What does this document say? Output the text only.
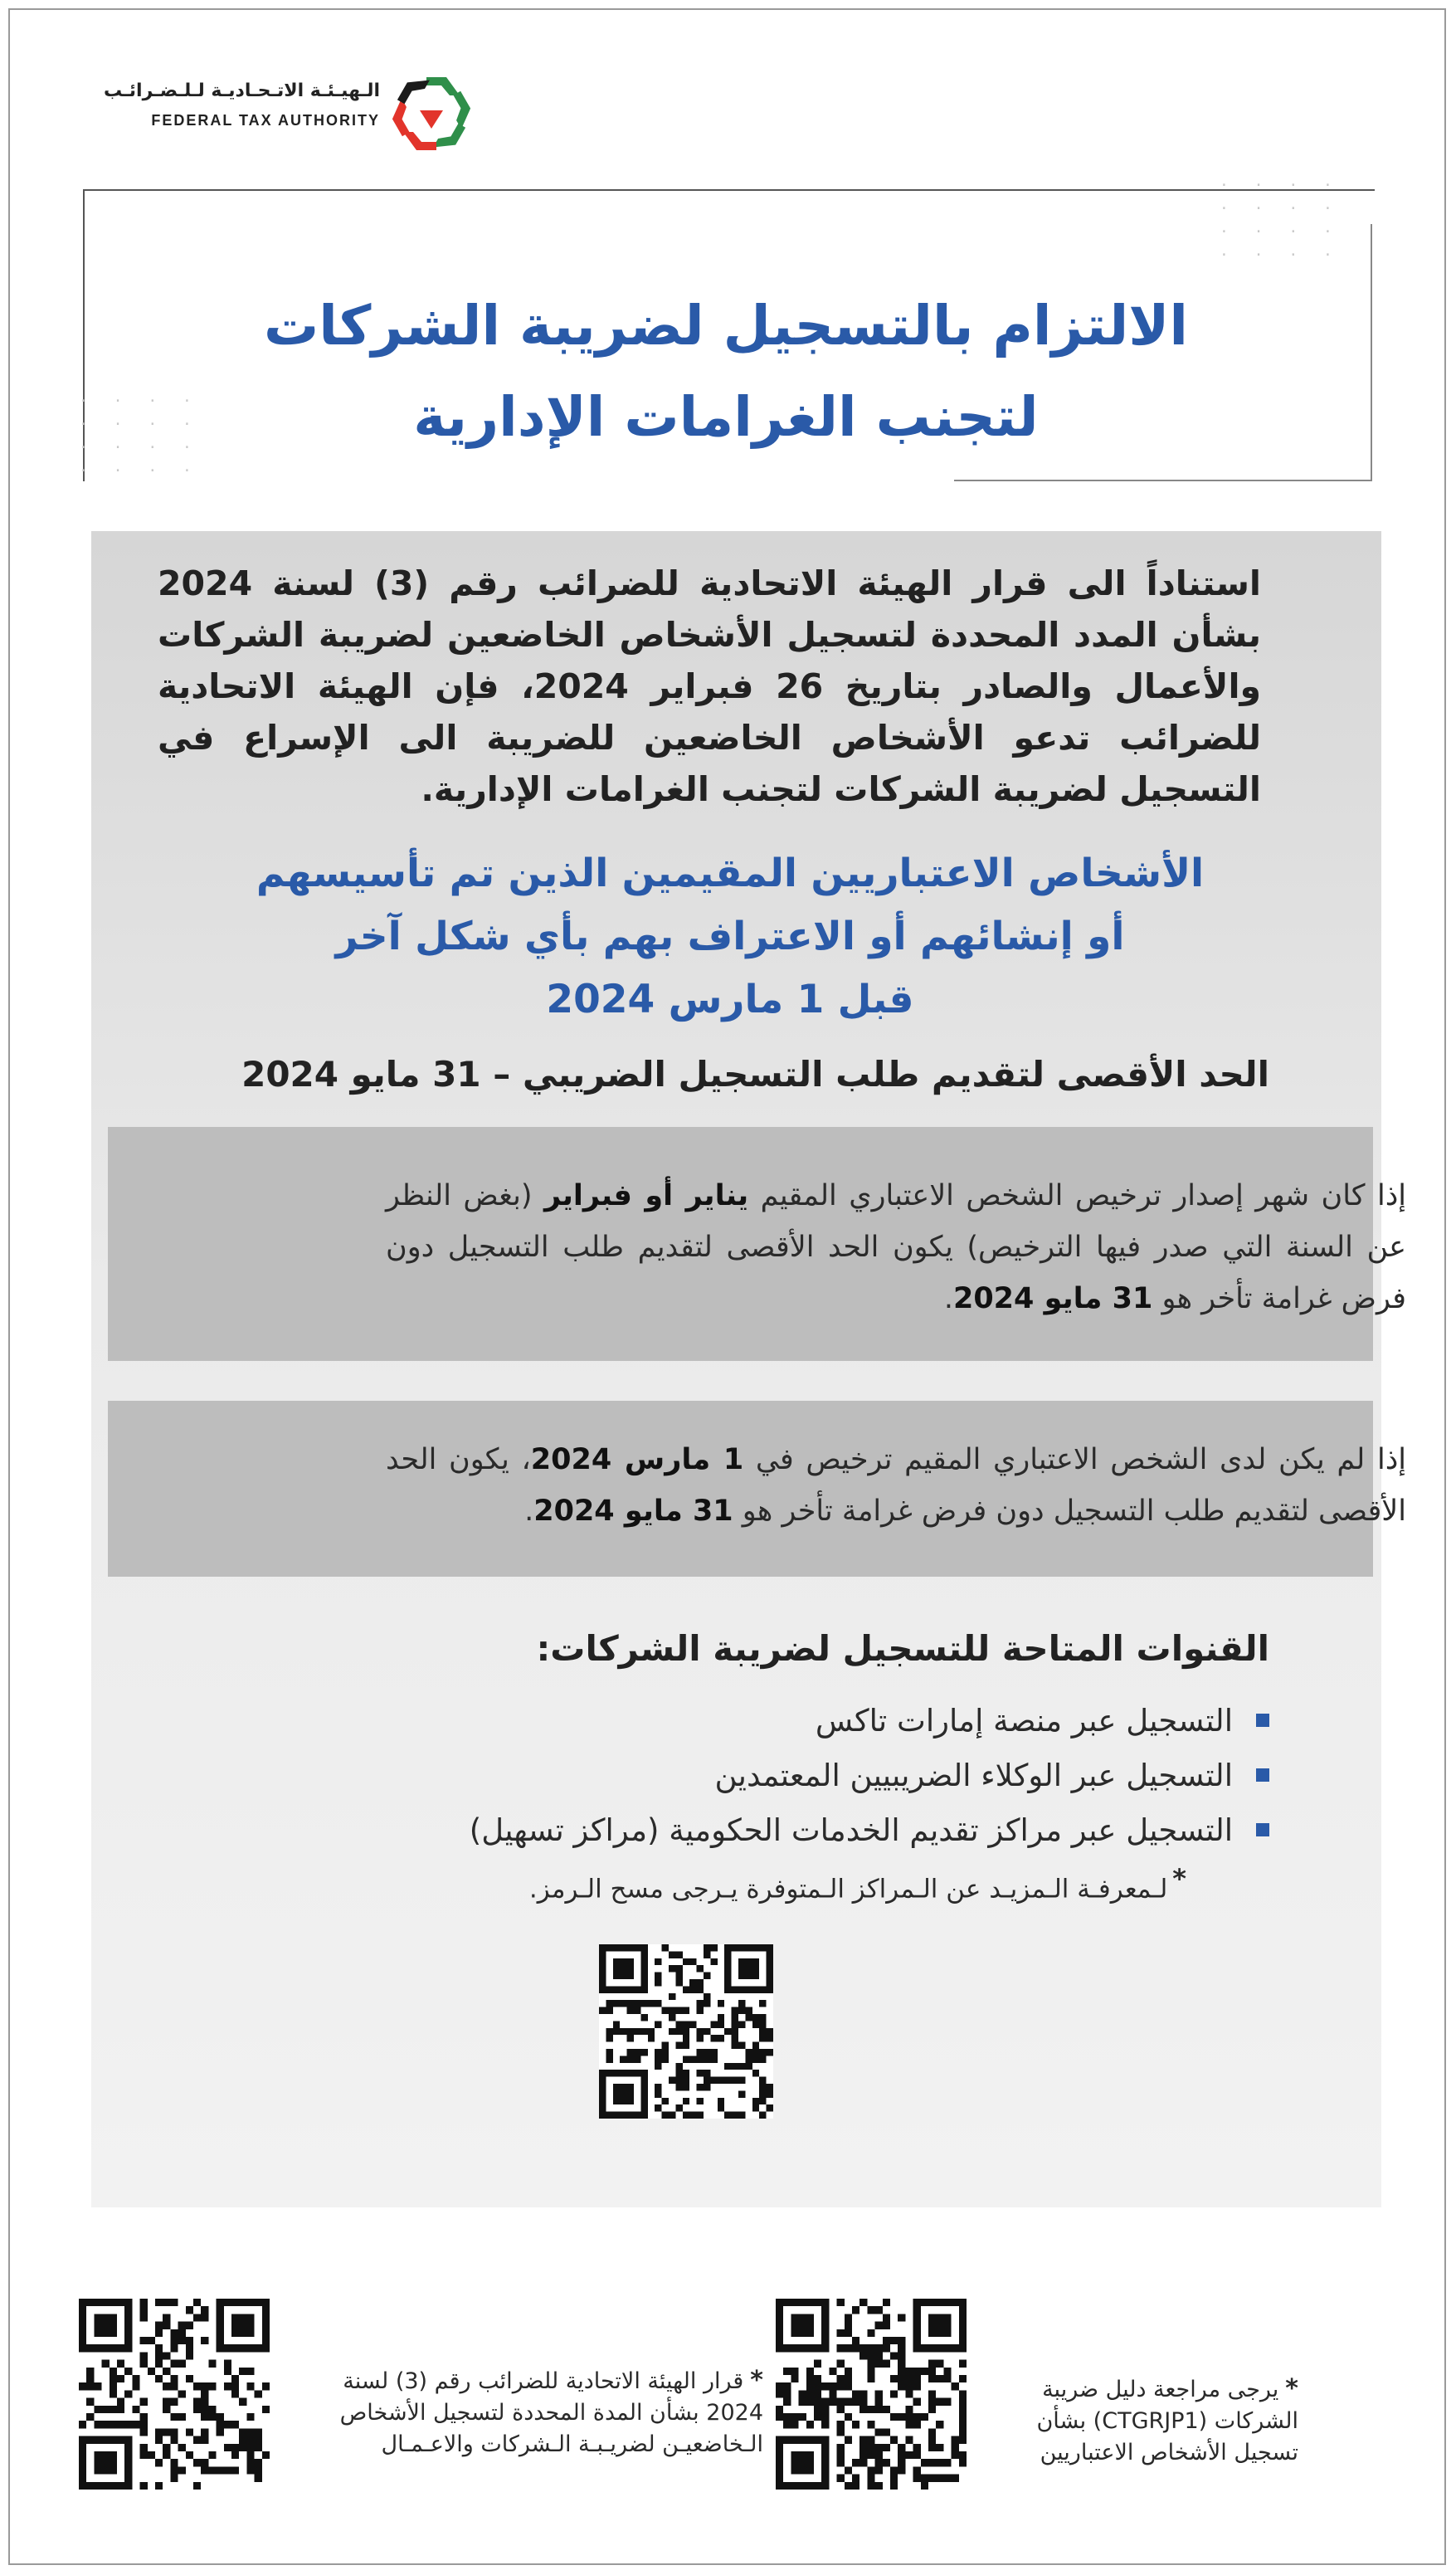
الـهيـئـة الاتـحـاديـة لـلـضـرائـب
FEDERAL TAX AUTHORITY
· · · ·
· · · ·
· · · ·
· · · ·
· · · ·
· · · ·
· · · ·
· · · ·
الالتزام بالتسجيل لضريبة الشركات
لتجنب الغرامات الإدارية
استناداً الى قرار الهيئة الاتحادية للضرائب رقم (3) لسنة 2024 بشأن المدد المحددة لتسجيل الأشخاص الخاضعين لضريبة الشركات والأعمال والصادر بتاريخ 26 فبراير 2024، فإن الهيئة الاتحادية للضرائب تدعو الأشخاص الخاضعين للضريبة الى الإسراع في التسجيل لضريبة الشركات لتجنب الغرامات الإدارية.
الأشخاص الاعتباريين المقيمين الذين تم تأسيسهم
أو إنشائهم أو الاعتراف بهم بأي شكل آخر
قبل 1 مارس 2024
الحد الأقصى لتقديم طلب التسجيل الضريبي – 31 مايو 2024
إذا كان شهر إصدار ترخيص الشخص الاعتباري المقيم يناير أو فبراير (بغض النظر عن السنة التي صدر فيها الترخيص) يكون الحد الأقصى لتقديم طلب التسجيل دون فرض غرامة تأخر هو 31 مايو 2024.
إذا لم يكن لدى الشخص الاعتباري المقيم ترخيص في 1 مارس 2024، يكون الحد الأقصى لتقديم طلب التسجيل دون فرض غرامة تأخر هو 31 مايو 2024.
القنوات المتاحة للتسجيل لضريبة الشركات:
التسجيل عبر منصة إمارات تاكس
التسجيل عبر الوكلاء الضريبيين المعتمدين
التسجيل عبر مراكز تقديم الخدمات الحكومية (مراكز تسهيل)
*لـمعرفـة الـمزيـد عن الـمراكز الـمتوفرة يـرجى مسح الـرمز.
*قرار الهيئة الاتحادية للضرائب رقم (3) لسنة 2024 بشأن المدة المحددة لتسجيل الأشخاص الـخاضعيـن لضريـبـة الـشركات والاعـمـال
*يرجى مراجعة دليل ضريبة الشركات (CTGRJP1) بشأن تسجيل الأشخاص الاعتباريين
